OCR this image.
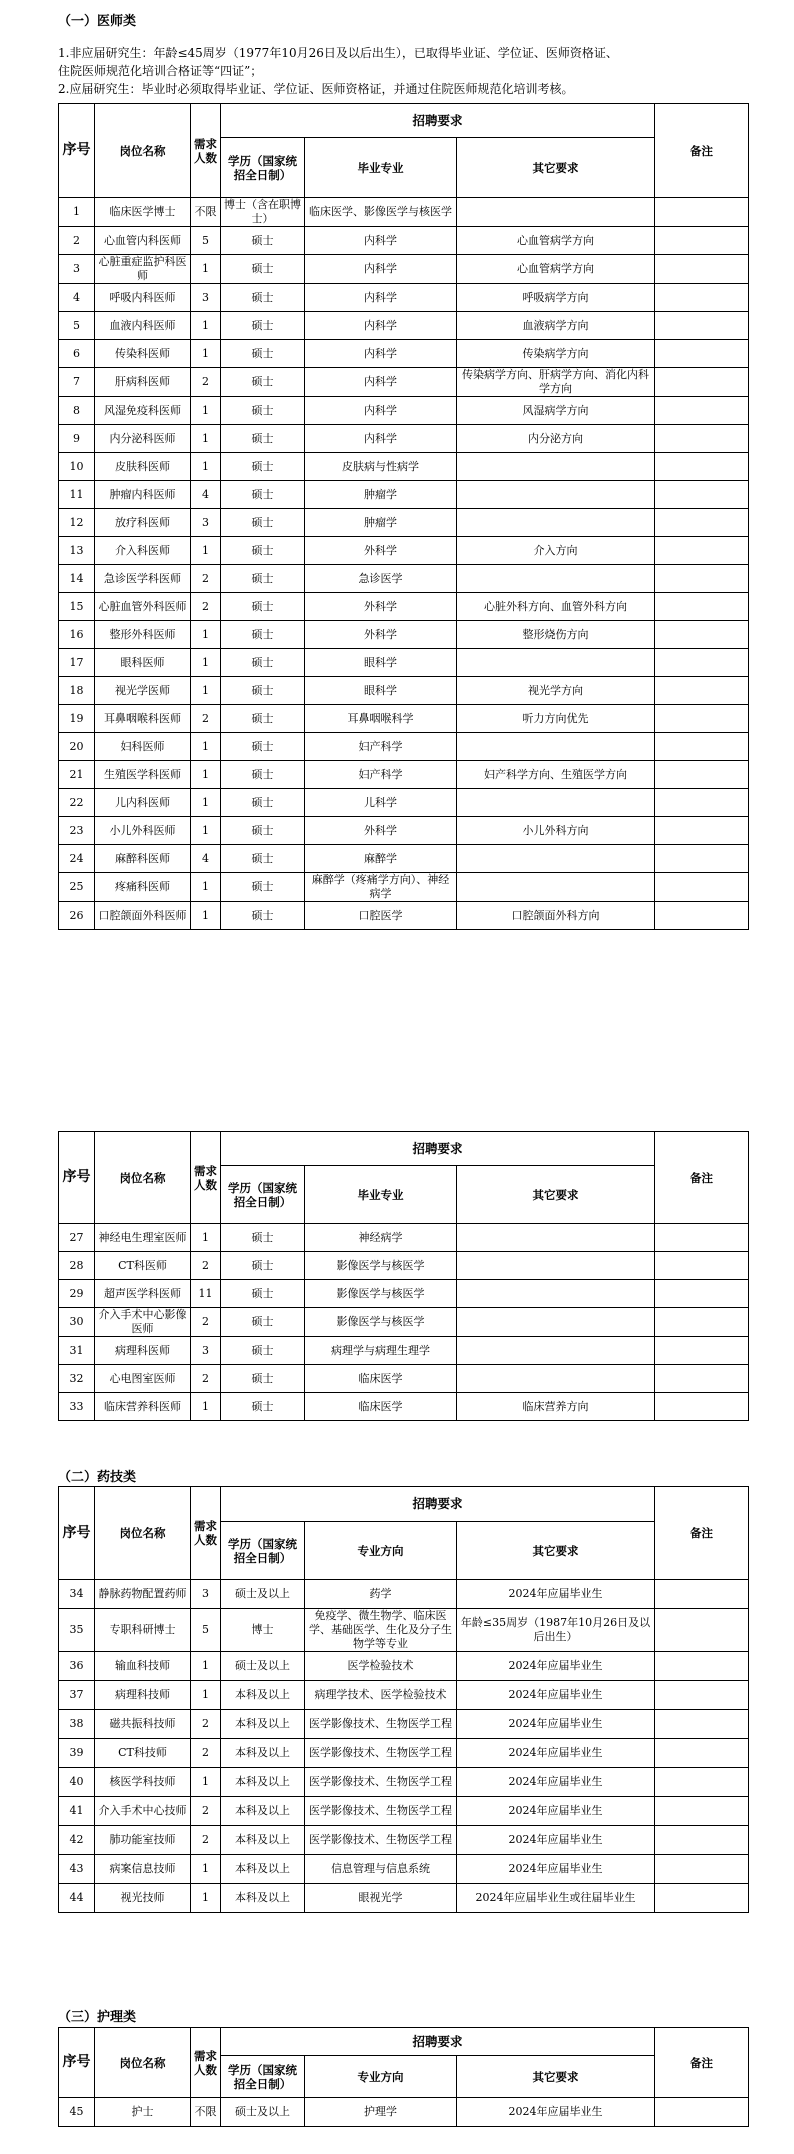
（一）医师类
1.非应届研究生：年龄≤45周岁（1977年10月26日及以后出生），已取得毕业证、学位证、医师资格证、
住院医师规范化培训合格证等“四证”；
2.应届研究生：毕业时必须取得毕业证、学位证、医师资格证，并通过住院医师规范化培训考核。
序号	岗位名称	需求人数	招聘要求			备注
			学历（国家统招全日制）	毕业专业	其它要求	
1	临床医学博士	不限	博士（含在职博士）	临床医学、影像医学与核医学		
2	心血管内科医师	5	硕士	内科学	心血管病学方向	
3	心脏重症监护科医师	1	硕士	内科学	心血管病学方向	
4	呼吸内科医师	3	硕士	内科学	呼吸病学方向	
5	血液内科医师	1	硕士	内科学	血液病学方向	
6	传染科医师	1	硕士	内科学	传染病学方向	
7	肝病科医师	2	硕士	内科学	传染病学方向、肝病学方向、消化内科学方向	
8	风湿免疫科医师	1	硕士	内科学	风湿病学方向	
9	内分泌科医师	1	硕士	内科学	内分泌方向	
10	皮肤科医师	1	硕士	皮肤病与性病学		
11	肿瘤内科医师	4	硕士	肿瘤学		
12	放疗科医师	3	硕士	肿瘤学		
13	介入科医师	1	硕士	外科学	介入方向	
14	急诊医学科医师	2	硕士	急诊医学		
15	心脏血管外科医师	2	硕士	外科学	心脏外科方向、血管外科方向	
16	整形外科医师	1	硕士	外科学	整形烧伤方向	
17	眼科医师	1	硕士	眼科学		
18	视光学医师	1	硕士	眼科学	视光学方向	
19	耳鼻咽喉科医师	2	硕士	耳鼻咽喉科学	听力方向优先	
20	妇科医师	1	硕士	妇产科学		
21	生殖医学科医师	1	硕士	妇产科学	妇产科学方向、生殖医学方向	
22	儿内科医师	1	硕士	儿科学		
23	小儿外科医师	1	硕士	外科学	小儿外科方向	
24	麻醉科医师	4	硕士	麻醉学		
25	疼痛科医师	1	硕士	麻醉学（疼痛学方向）、神经病学		
26	口腔颌面外科医师	1	硕士	口腔医学	口腔颌面外科方向	
序号	岗位名称	需求人数	招聘要求			备注
			学历（国家统招全日制）	毕业专业	其它要求	
27	神经电生理室医师	1	硕士	神经病学		
28	CT科医师	2	硕士	影像医学与核医学		
29	超声医学科医师	11	硕士	影像医学与核医学		
30	介入手术中心影像医师	2	硕士	影像医学与核医学		
31	病理科医师	3	硕士	病理学与病理生理学		
32	心电图室医师	2	硕士	临床医学		
33	临床营养科医师	1	硕士	临床医学	临床营养方向	
（二）药技类
序号	岗位名称	需求人数	招聘要求			备注
			学历（国家统招全日制）	专业方向	其它要求	
34	静脉药物配置药师	3	硕士及以上	药学	2024年应届毕业生	
35	专职科研博士	5	博士	免疫学、微生物学、临床医学、基础医学、生化及分子生物学等专业	年龄≤35周岁（1987年10月26日及以后出生）	
36	输血科技师	1	硕士及以上	医学检验技术	2024年应届毕业生	
37	病理科技师	1	本科及以上	病理学技术、医学检验技术	2024年应届毕业生	
38	磁共振科技师	2	本科及以上	医学影像技术、生物医学工程	2024年应届毕业生	
39	CT科技师	2	本科及以上	医学影像技术、生物医学工程	2024年应届毕业生	
40	核医学科技师	1	本科及以上	医学影像技术、生物医学工程	2024年应届毕业生	
41	介入手术中心技师	2	本科及以上	医学影像技术、生物医学工程	2024年应届毕业生	
42	肺功能室技师	2	本科及以上	医学影像技术、生物医学工程	2024年应届毕业生	
43	病案信息技师	1	本科及以上	信息管理与信息系统	2024年应届毕业生	
44	视光技师	1	本科及以上	眼视光学	2024年应届毕业生或往届毕业生	
（三）护理类
序号	岗位名称	需求人数	招聘要求			备注
			学历（国家统招全日制）	专业方向	其它要求	
45	护士	不限	硕士及以上	护理学	2024年应届毕业生	
